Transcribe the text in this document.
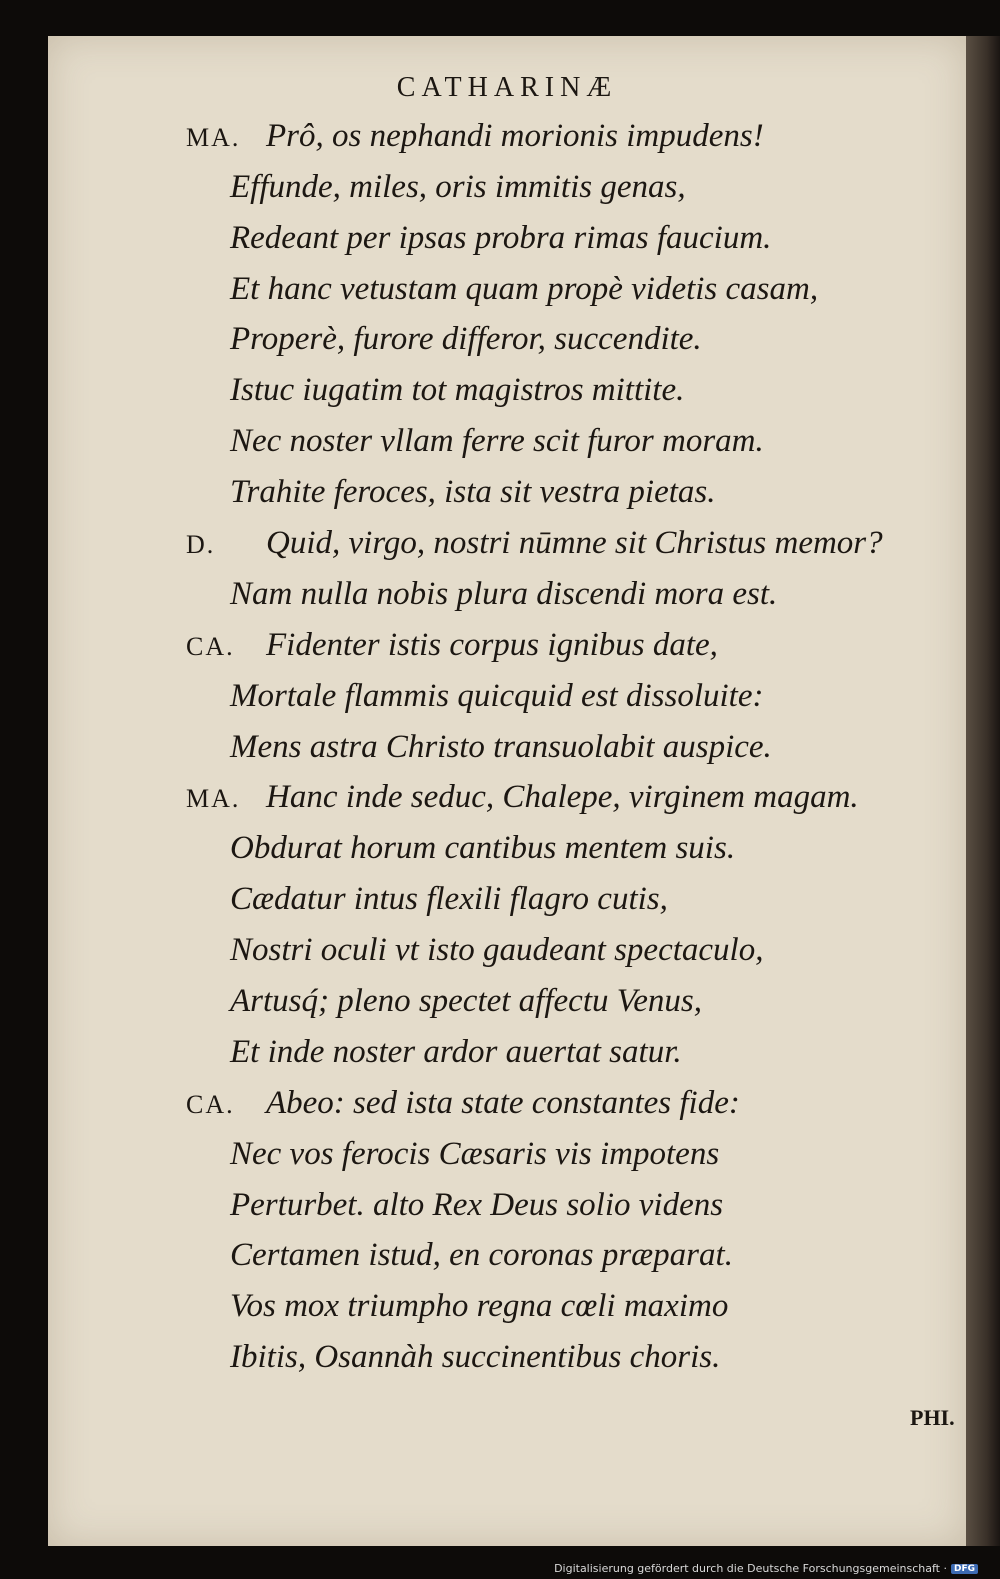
CATHARINÆ
MA. Prô, os nephandi morionis impudens!
Effunde, miles, oris immitis genas,
Redeant per ipsas probra rimas faucium.
Et hanc vetustam quam propè videtis casam,
Properè, furore differor, succendite.
Istuc iugatim tot magistros mittite.
Nec noster vllam ferre scit furor moram.
Trahite feroces, ista sit vestra pietas.
D. Quid, virgo, nostri nūmne sit Christus memor?
Nam nulla nobis plura discendi mora est.
CA. Fidenter istis corpus ignibus date,
Mortale flammis quicquid est dissoluite:
Mens astra Christo transuolabit auspice.
MA. Hanc inde seduc, Chalepe, virginem magam.
Obdurat horum cantibus mentem suis.
Cædatur intus flexili flagro cutis,
Nostri oculi vt isto gaudeant spectaculo,
Artusq́; pleno spectet affectu Venus,
Et inde noster ardor auertat satur.
CA. Abeo: sed ista state constantes fide:
Nec vos ferocis Cæsaris vis impotens
Perturbet. alto Rex Deus solio videns
Certamen istud, en coronas præparat.
Vos mox triumpho regna cœli maximo
Ibitis, Osannàh succinentibus choris.
PHI.
Digitalisierung gefördert durch die Deutsche Forschungsgemeinschaft · DFG
